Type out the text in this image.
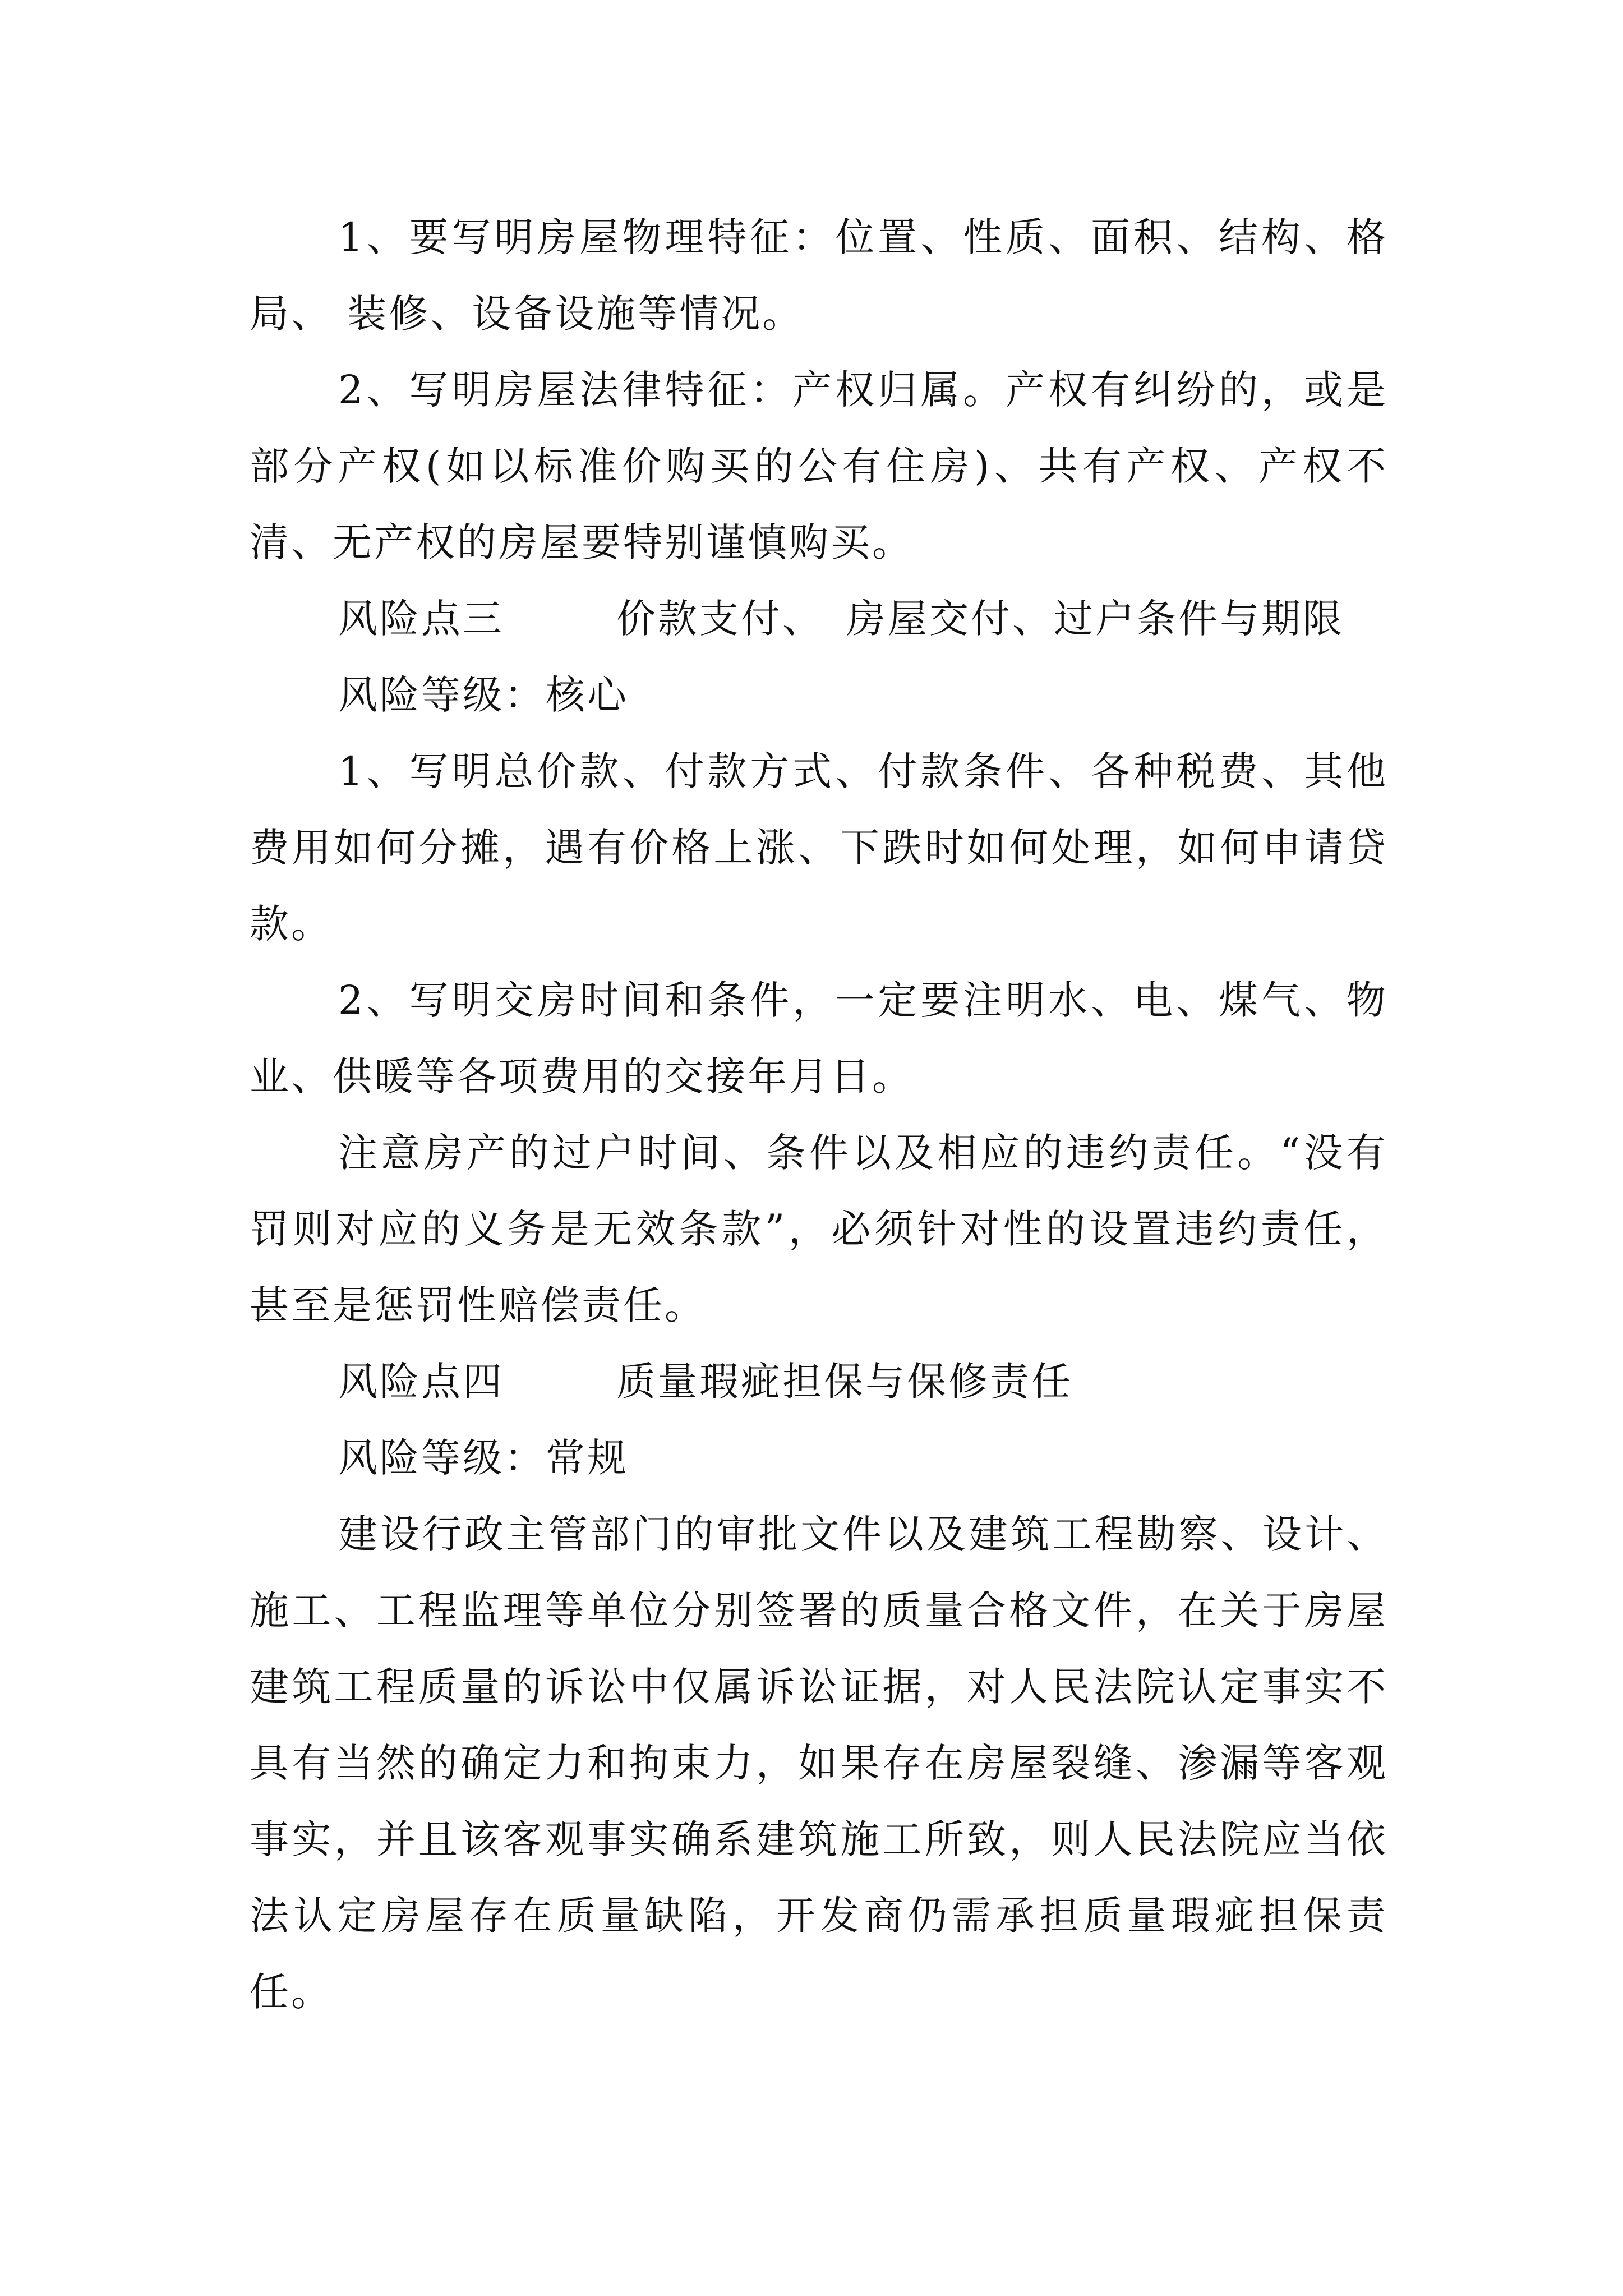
1、要写明房屋物理特征：位置、性质、面积、结构、格局、 装修、设备设施等情况。

2、写明房屋法律特征：产权归属。产权有纠纷的，或是部分产权(如以标准价购买的公有住房)、共有产权、产权不清、无产权的房屋要特别谨慎购买。

风险点三	价款支付、 房屋交付、过户条件与期限

风险等级：核心

1、写明总价款、付款方式、付款条件、各种税费、其他费用如何分摊，遇有价格上涨、下跌时如何处理，如何申请贷款。

2、写明交房时间和条件，一定要注明水、电、煤气、物业、供暖等各项费用的交接年月日。

注意房产的过户时间、条件以及相应的违约责任。“没有罚则对应的义务是无效条款”，必须针对性的设置违约责任，甚至是惩罚性赔偿责任。

风险点四	质量瑕疵担保与保修责任

风险等级：常规

建设行政主管部门的审批文件以及建筑工程勘察、设计、施工、工程监理等单位分别签署的质量合格文件，在关于房屋建筑工程质量的诉讼中仅属诉讼证据，对人民法院认定事实不具有当然的确定力和拘束力，如果存在房屋裂缝、渗漏等客观事实，并且该客观事实确系建筑施工所致，则人民法院应当依法认定房屋存在质量缺陷，开发商仍需承担质量瑕疵担保责任。
